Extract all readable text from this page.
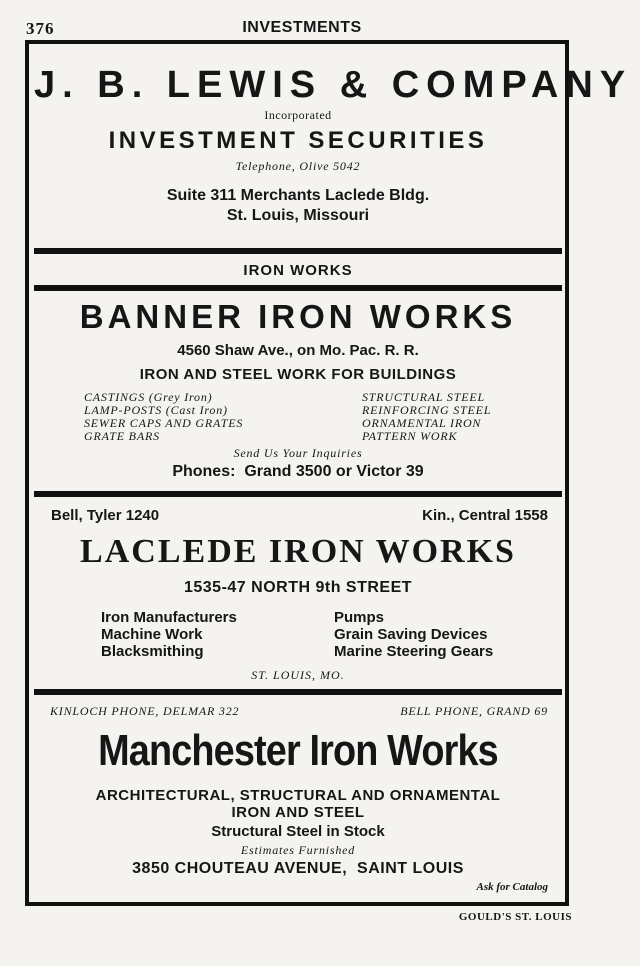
376	INVESTMENTS
J. B. LEWIS & COMPANY
Incorporated
INVESTMENT SECURITIES
Telephone, Olive 5042
Suite 311 Merchants Laclede Bldg.
St. Louis, Missouri
IRON WORKS
BANNER IRON WORKS
4560 Shaw Ave., on Mo. Pac. R. R.
IRON AND STEEL WORK FOR BUILDINGS
CASTINGS (Grey Iron)
LAMP-POSTS (Cast Iron)
SEWER CAPS AND GRATES
GRATE BARS
STRUCTURAL STEEL
REINFORCING STEEL
ORNAMENTAL IRON
PATTERN WORK
Send Us Your Inquiries
Phones:  Grand 3500 or Victor 39
Bell, Tyler 1240	Kin., Central 1558
LACLEDE IRON WORKS
1535-47 NORTH 9th STREET
Iron Manufacturers
Machine Work
Blacksmithing
Pumps
Grain Saving Devices
Marine Steering Gears
ST. LOUIS, MO.
KINLOCH PHONE, DELMAR 322	BELL PHONE, GRAND 69
Manchester Iron Works
ARCHITECTURAL, STRUCTURAL AND ORNAMENTAL
IRON AND STEEL
Structural Steel in Stock
Estimates Furnished
3850 CHOUTEAU AVENUE,  SAINT LOUIS
Ask for Catalog
GOULD'S ST. LOUIS
